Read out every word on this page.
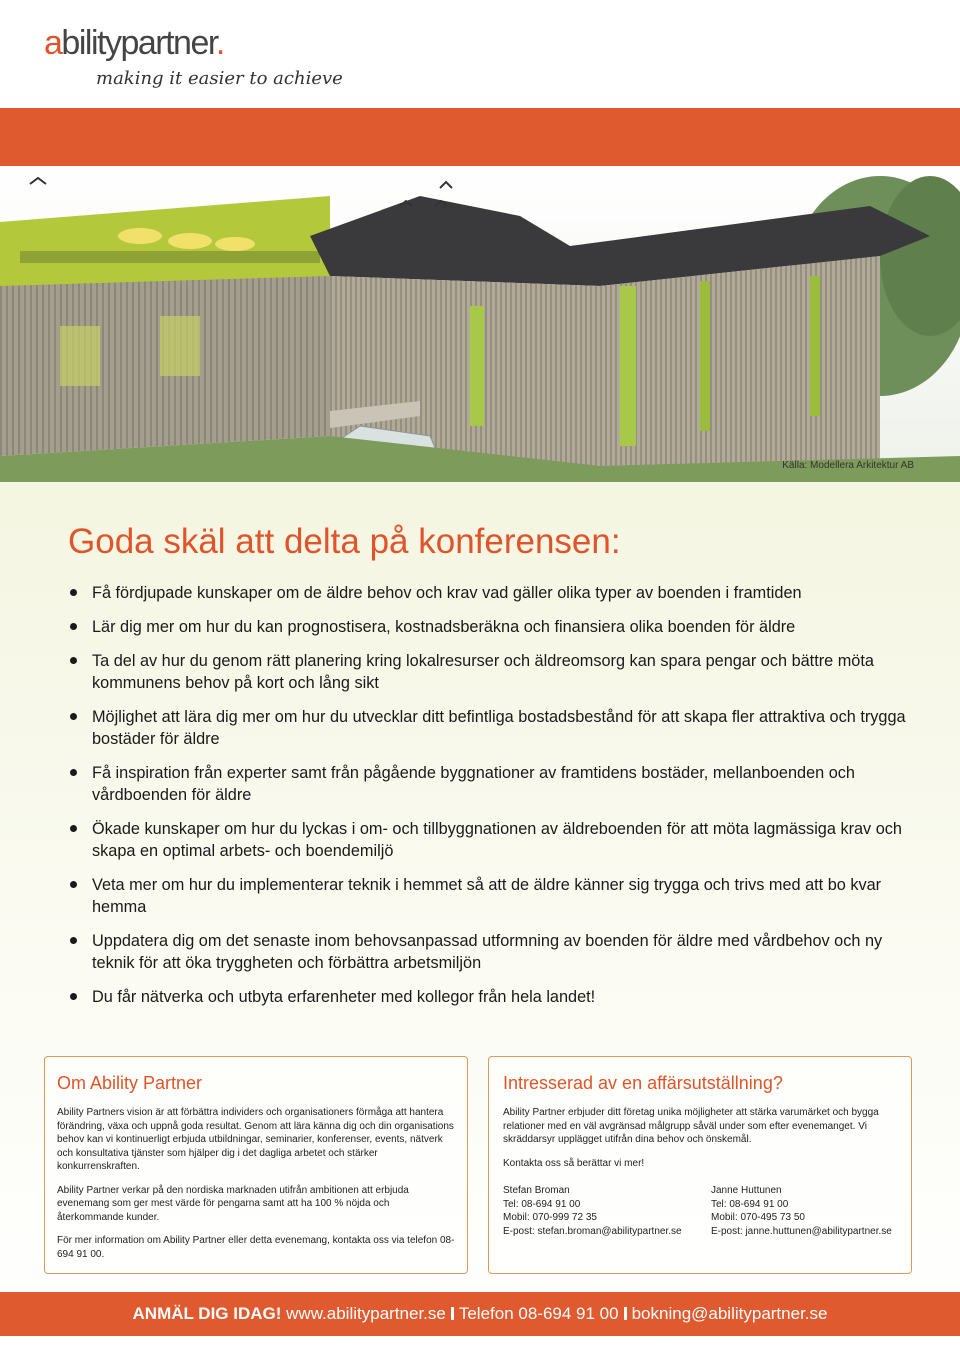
abilitypartner.
making it easier to achieve
Källa: Modellera Arkitektur AB
Goda skäl att delta på konferensen:
Få fördjupade kunskaper om de äldre behov och krav vad gäller olika typer av boenden i framtiden
Lär dig mer om hur du kan prognostisera, kostnadsberäkna och finansiera olika boenden för äldre
Ta del av hur du genom rätt planering kring lokalresurser och äldreomsorg kan spara pengar och bättre möta kommunens behov på kort och lång sikt
Möjlighet att lära dig mer om hur du utvecklar ditt befintliga bostadsbestånd för att skapa fler attraktiva och trygga bostäder för äldre
Få inspiration från experter samt från pågående byggnationer av framtidens bostäder, mellanboenden och vårdboenden för äldre
Ökade kunskaper om hur du lyckas i om- och tillbyggnationen av äldreboenden för att möta lagmässiga krav och skapa en optimal arbets- och boendemiljö
Veta mer om hur du implementerar teknik i hemmet så att de äldre känner sig trygga och trivs med att bo kvar hemma
Uppdatera dig om det senaste inom behovsanpassad utformning av boenden för äldre med vårdbehov och ny teknik för att öka tryggheten och förbättra arbetsmiljön
Du får nätverka och utbyta erfarenheter med kollegor från hela landet!
Om Ability Partner

Ability Partners vision är att förbättra individers och organisationers förmåga att hantera förändring, växa och uppnå goda resultat. Genom att lära känna dig och din organisations behov kan vi kontinuerligt erbjuda utbildningar, seminarier, konferenser, events, nätverk och konsultativa tjänster som hjälper dig i det dagliga arbetet och stärker konkurrenskraften.

Ability Partner verkar på den nordiska marknaden utifrån ambitionen att erbjuda evenemang som ger mest värde för pengarna samt att ha 100 % nöjda och återkommande kunder.

För mer information om Ability Partner eller detta evenemang, kontakta oss via telefon 08-694 91 00.

Intresserad av en affärsutställning?

Ability Partner erbjuder ditt företag unika möjligheter att stärka varumärket och bygga relationer med en väl avgränsad målgrupp såväl under som efter evenemanget. Vi skräddarsyr upplägget utifrån dina behov och önskemål.

Kontakta oss så berättar vi mer!

Stefan Broman
Tel: 08-694 91 00
Mobil: 070-999 72 35
E-post: stefan.broman@abilitypartner.se
Janne Huttunen
Tel: 08-694 91 00
Mobil: 070-495 73 50
E-post: janne.huttunen@abilitypartner.se
ANMÄL DIG IDAG! www.abilitypartner.se Telefon 08-694 91 00 bokning@abilitypartner.se
